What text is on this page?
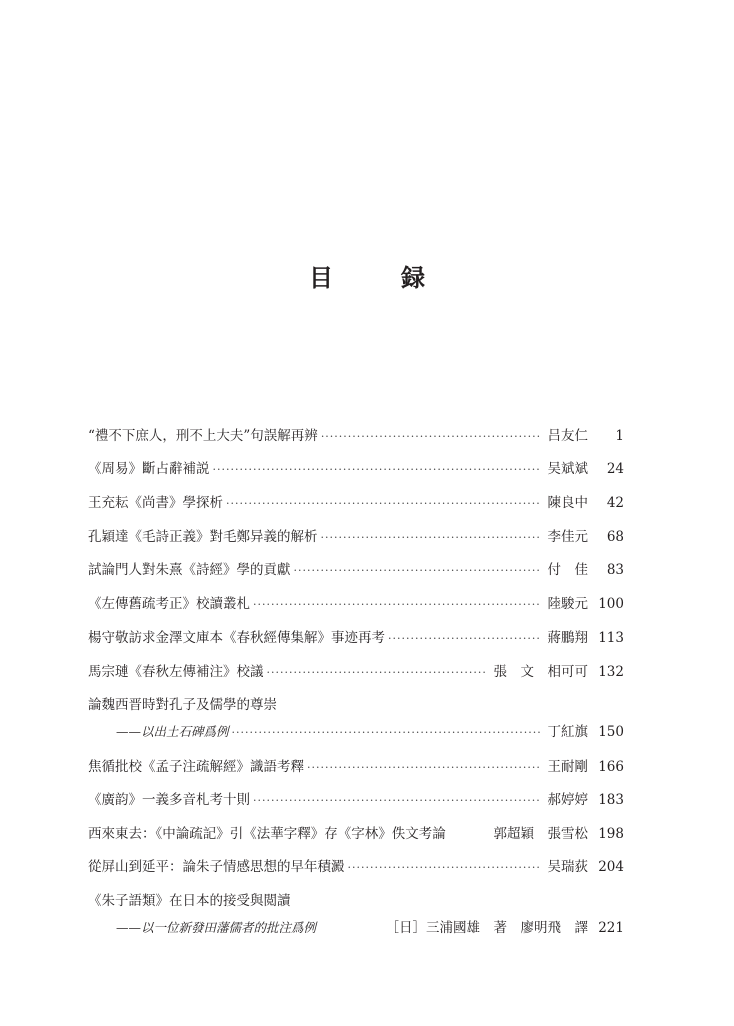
目　録
“禮不下庶人，刑不上大夫”句誤解再辨 ·····	吕友仁	1
《周易》斷占辭補説 ·····	吴斌斌	24
王充耘《尚書》學探析 ·····	陳良中	42
孔穎達《毛詩正義》對毛鄭异義的解析 ·····	李佳元	68
試論門人對朱熹《詩經》學的貢獻 ·····	付　佳	83
《左傳舊疏考正》校讀叢札 ·····	陸駿元 100
楊守敬訪求金澤文庫本《春秋經傳集解》事迹再考 ·····	蔣鵬翔 113
馬宗璉《春秋左傳補注》校議 ·····	張　文　相可可 132
論魏西晋時對孔子及儒學的尊崇
——以出土石碑爲例 ·····	丁紅旗 150
焦循批校《孟子注疏解經》識語考釋 ·····	王耐剛 166
《廣韵》一義多音札考十則 ·····	郝婷婷 183
西來東去：《中論疏記》引《法華字釋》存《字林》佚文考論	郭超穎　張雪松 198
從屏山到延平：論朱子情感思想的早年積澱 ·····	吴瑞荻 204
《朱子語類》在日本的接受與閲讀
——以一位新發田藩儒者的批注爲例	［日］三浦國雄　著　廖明飛　譯 221
